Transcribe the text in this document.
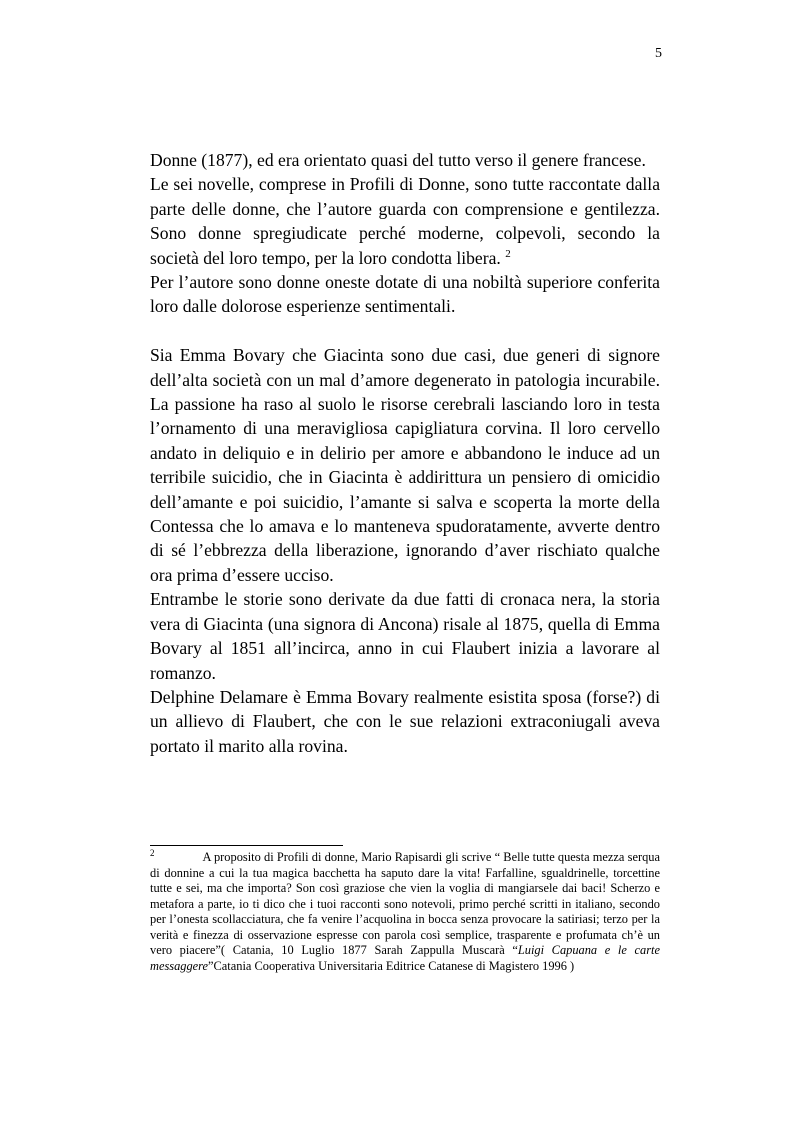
5

Donne (1877), ed era orientato quasi del tutto verso il genere francese.

Le sei novelle, comprese in Profili di Donne, sono tutte raccontate dalla parte delle donne, che l’autore guarda con comprensione e gentilezza. Sono donne spregiudicate perché moderne, colpevoli, secondo la società del loro tempo, per la loro condotta libera. $^2$

Per l’autore sono donne oneste dotate di una nobiltà superiore conferita loro dalle dolorose esperienze sentimentali.

Sia Emma Bovary che Giacinta sono due casi, due generi di signore dell’alta società con un mal d’amore degenerato in patologia incurabile. La passione ha raso al suolo le risorse cerebrali lasciando loro in testa l’ornamento di una meravigliosa capigliatura corvina. Il loro cervello andato in deliquio e in delirio per amore e abbandono le induce ad un terribile suicidio, che in Giacinta è addirittura un pensiero di omicidio dell’amante e poi suicidio, l’amante si salva e scoperta la morte della Contessa che lo amava e lo manteneva spudoratamente, avverte dentro di sé l’ebbrezza della liberazione, ignorando d’aver rischiato qualche ora prima d’essere ucciso.

Entrambe le storie sono derivate da due fatti di cronaca nera, la storia vera di Giacinta (una signora di Ancona) risale al 1875, quella di Emma Bovary al 1851 all’incirca, anno in cui Flaubert inizia a lavorare al romanzo.

Delphine Delamare è Emma Bovary realmente esistita sposa (forse?) di un allievo di Flaubert, che con le sue relazioni extraconiugali aveva portato il marito alla rovina.

$^2$	A proposito di Profili di donne, Mario Rapisardi gli scrive “ Belle tutte questa mezza serqua di donnine a cui la tua magica bacchetta ha saputo dare la vita! Farfalline, sgualdrinelle, torcettine tutte e sei, ma che importa? Son così graziose che vien la voglia di mangiarsele dai baci! Scherzo e metafora a parte, io ti dico che i tuoi racconti sono notevoli, primo perché scritti in italiano, secondo per l’onesta scollacciatura, che fa venire l’acquolina in bocca senza provocare la satiriasi; terzo per la verità e finezza di osservazione espresse con parola così semplice, trasparente e profumata ch’è un vero piacere”( Catania, 10 Luglio 1877 Sarah Zappulla Muscarà “Luigi Capuana e le carte messaggere”Catania Cooperativa Universitaria Editrice Catanese di Magistero 1996 )
